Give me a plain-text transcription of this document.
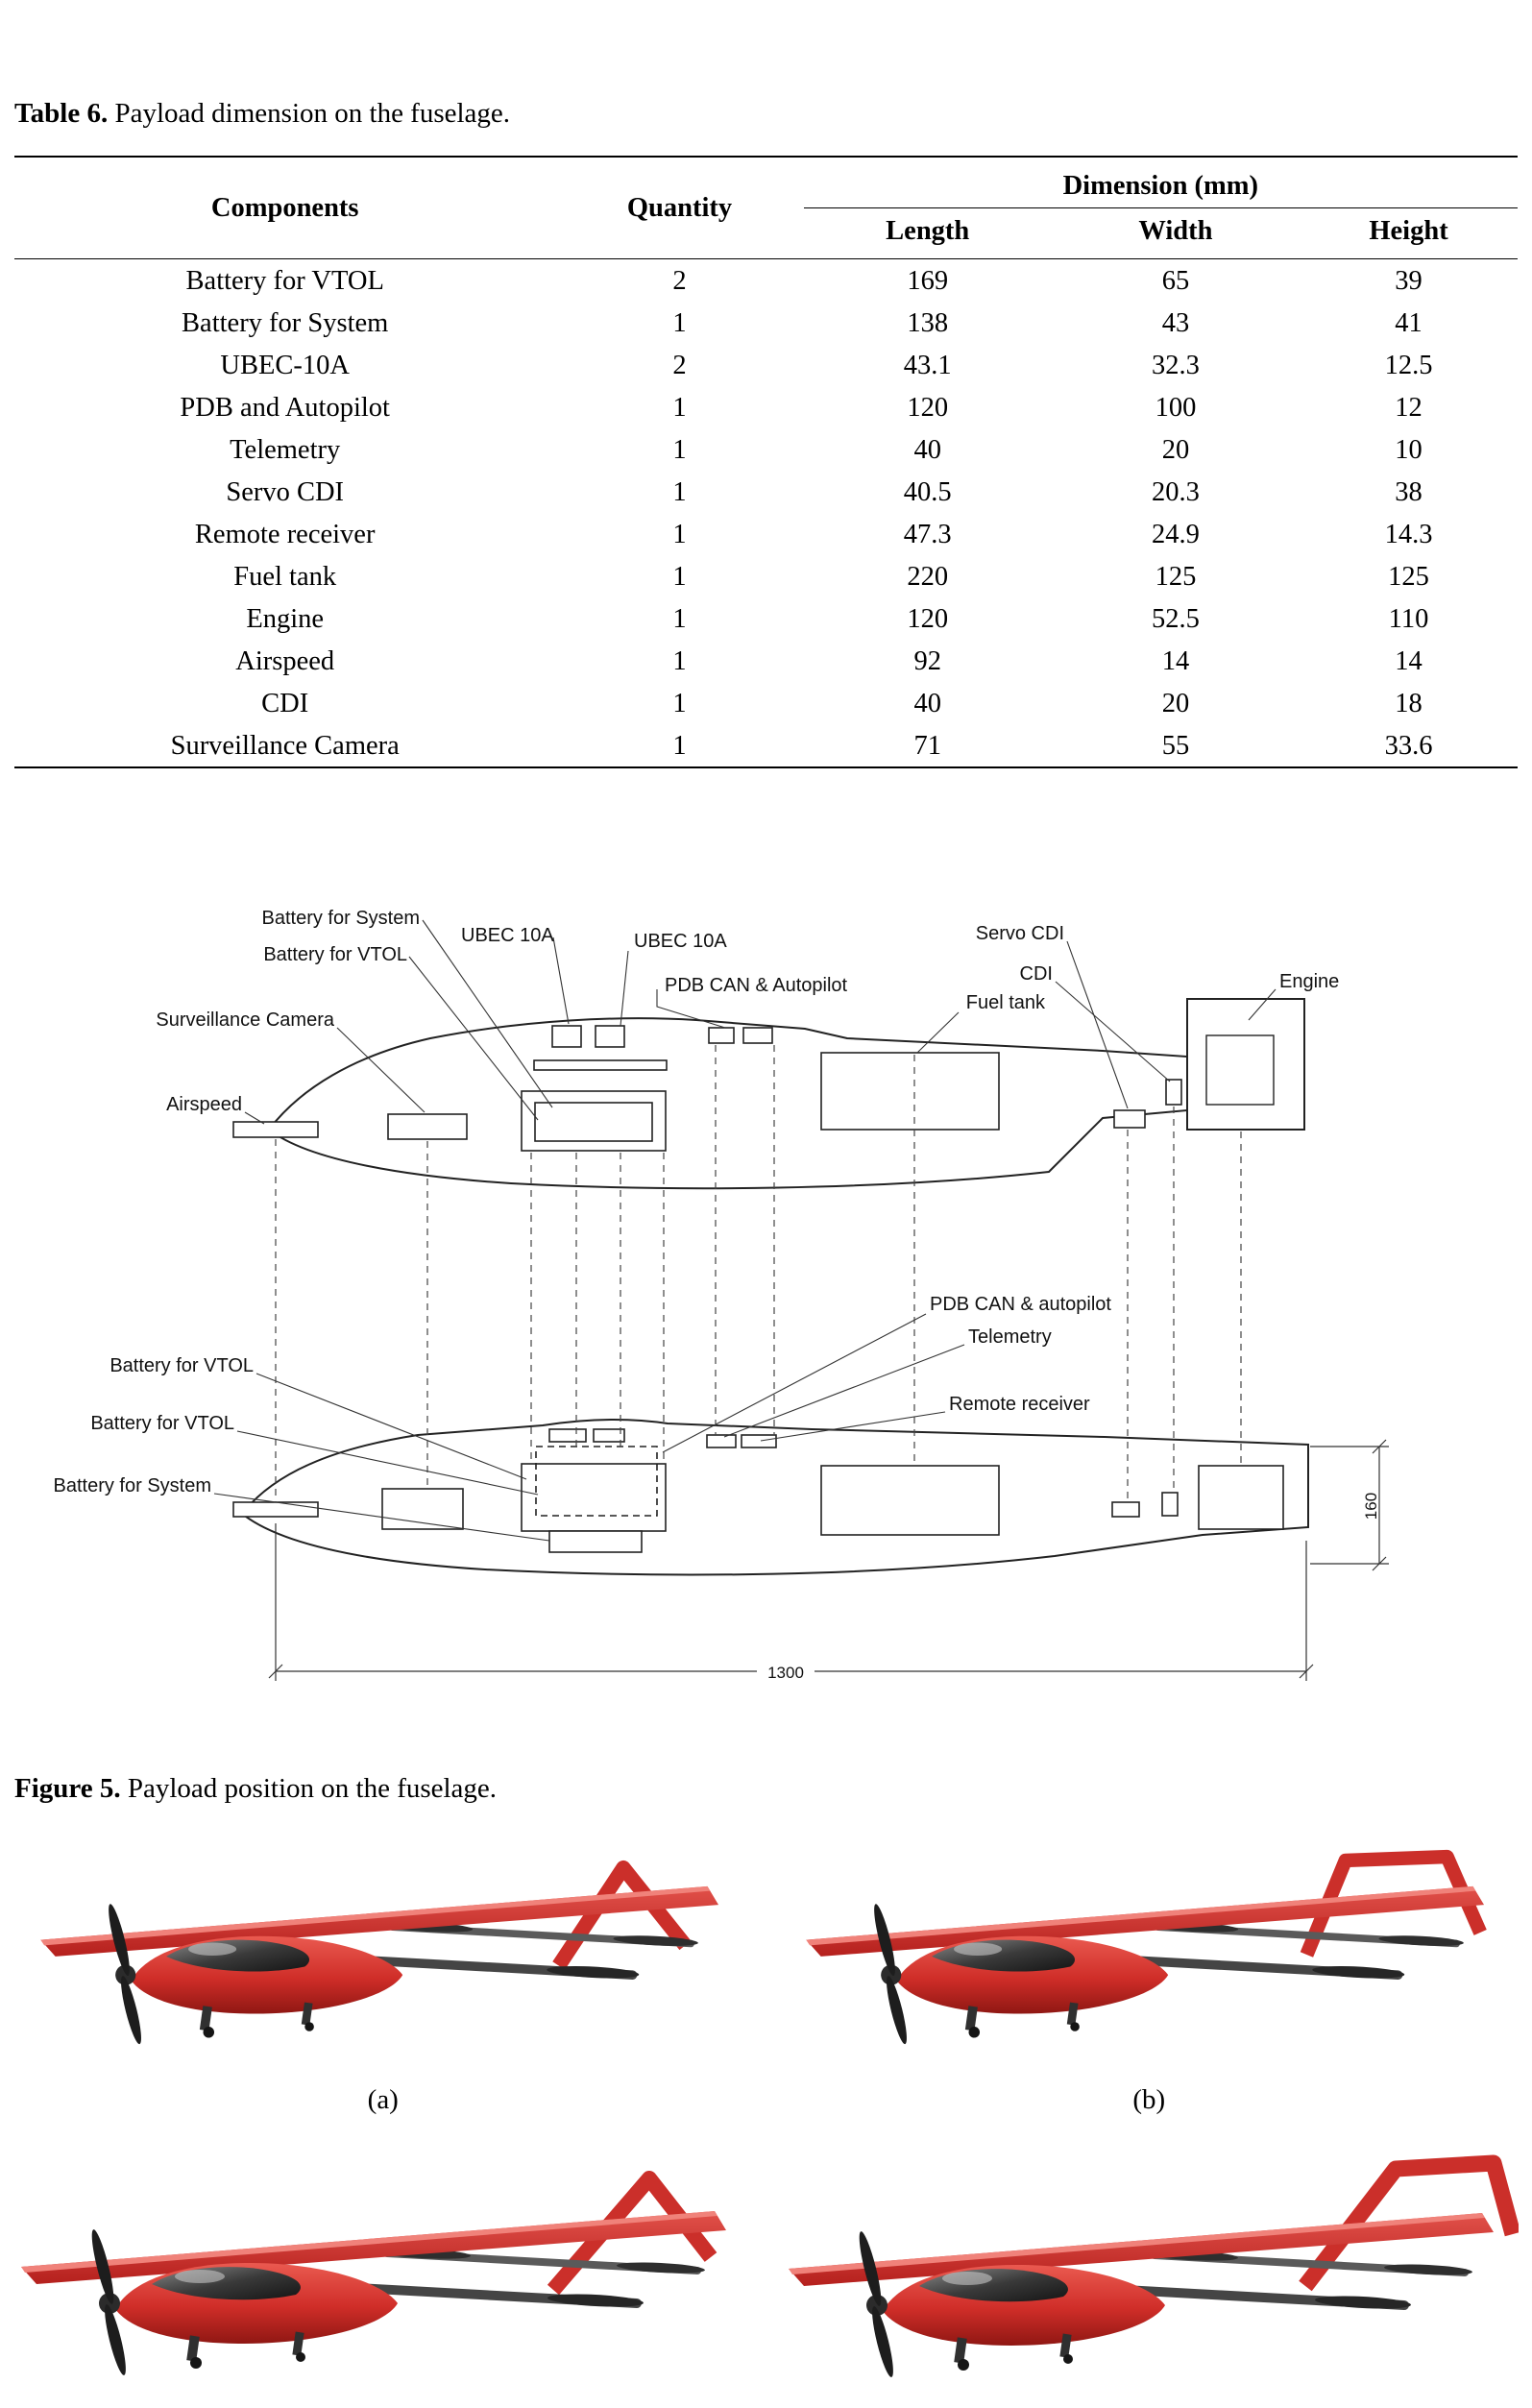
Table 6. Payload dimension on the fuselage.

Components	Quantity	Dimension (mm)		
		Length	Width	Height
Battery for VTOL	2	169	65	39
Battery for System	1	138	43	41
UBEC-10A	2	43.1	32.3	12.5
PDB and Autopilot	1	120	100	12
Telemetry	1	40	20	10
Servo CDI	1	40.5	20.3	38
Remote receiver	1	47.3	24.9	14.3
Fuel tank	1	220	125	125
Engine	1	120	52.5	110
Airspeed	1	92	14	14
CDI	1	40	20	18
Surveillance Camera	1	71	55	33.6
Battery for System
Battery for VTOL
UBEC 10A	UBEC 10A
PDB CAN & Autopilot
Surveillance Camera
Airspeed
Servo CDI
CDI
Fuel tank
Engine
PDB CAN & autopilot
Telemetry
Remote receiver
Battery for VTOL
Battery for VTOL
Battery for System
1300
160

Figure 5. Payload position on the fuselage.

(a)	(b)
